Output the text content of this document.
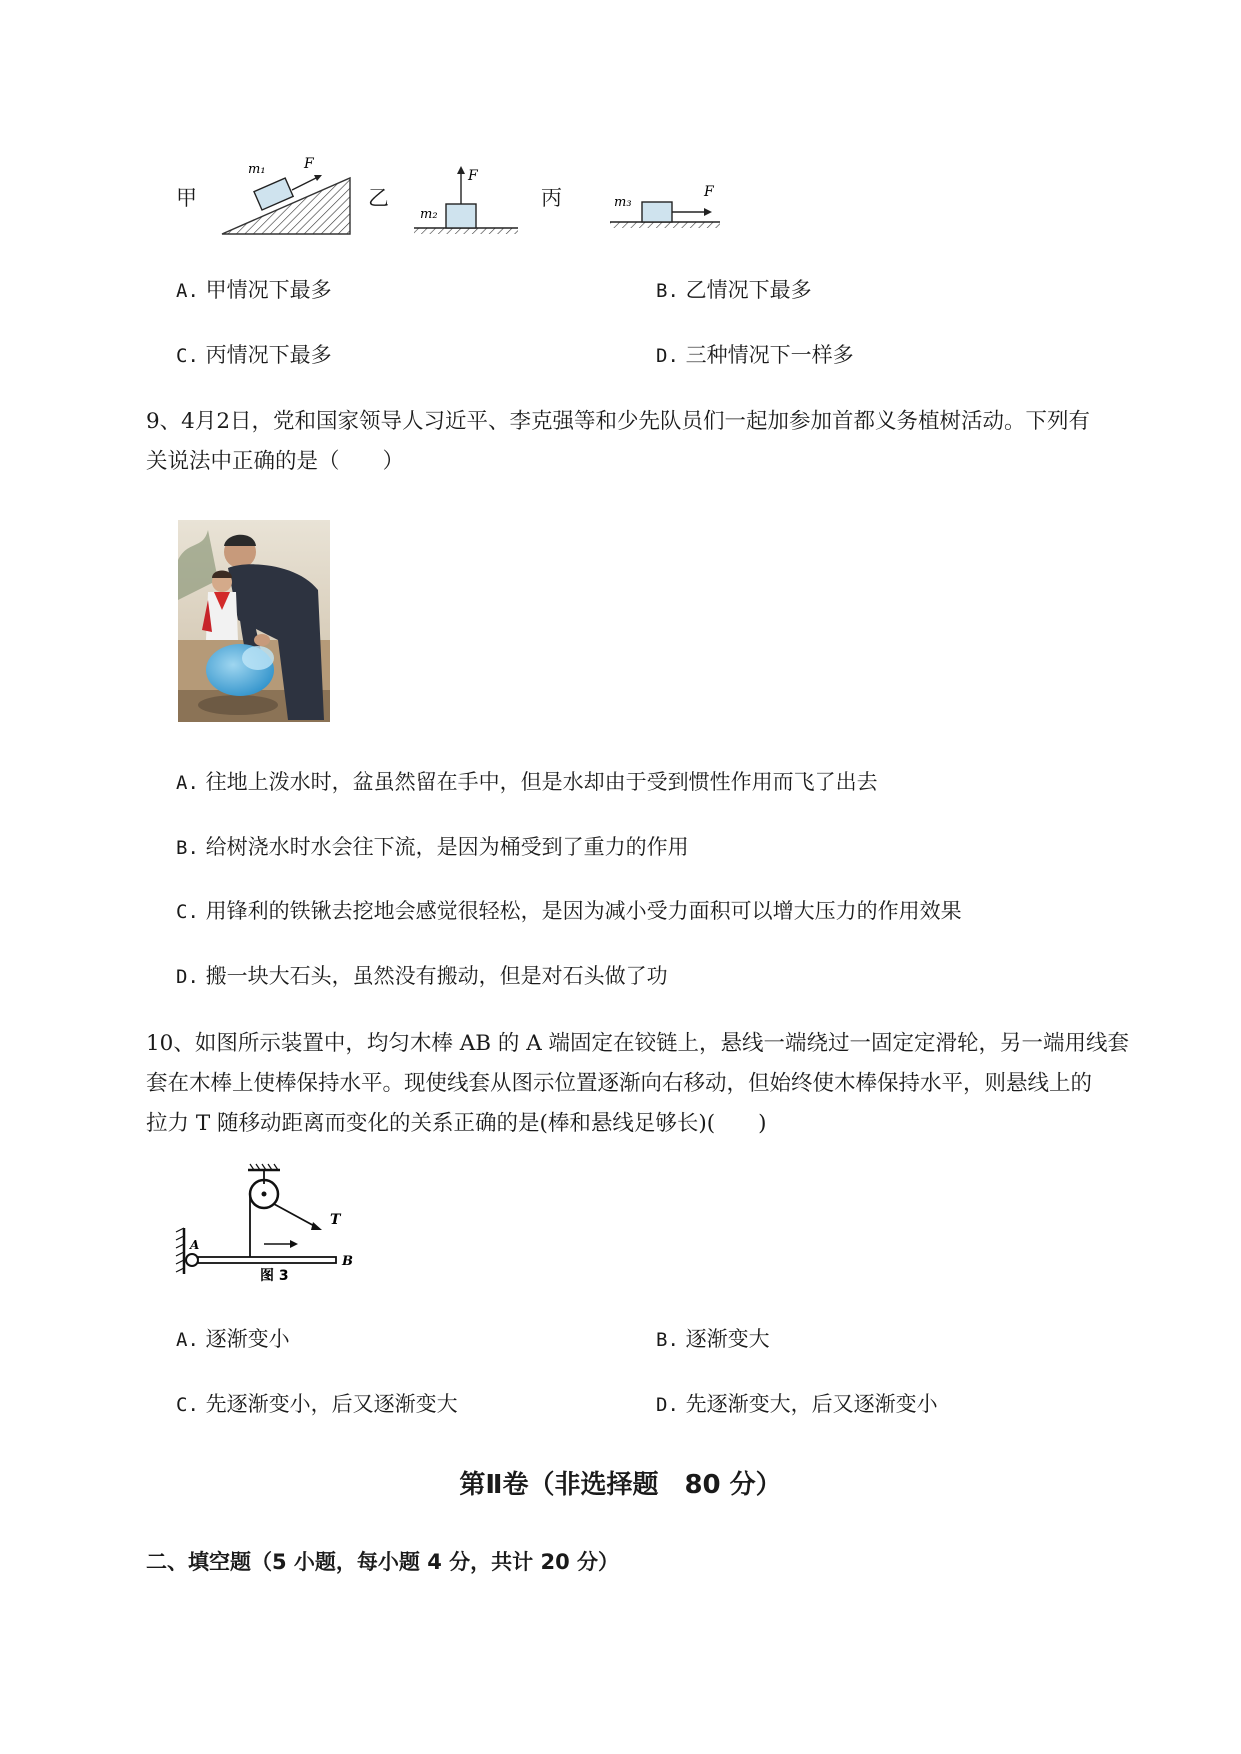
甲
m₁	F
乙
m₂
F
丙	m₃
F
A. 甲情况下最多	B. 乙情况下最多
C. 丙情况下最多	D. 三种情况下一样多
9、4月2日，党和国家领导人习近平、李克强等和少先队员们一起加参加首都义务植树活动。下列有
关说法中正确的是（　　）
A. 往地上泼水时，盆虽然留在手中，但是水却由于受到惯性作用而飞了出去
B. 给树浇水时水会往下流，是因为桶受到了重力的作用
C. 用锋利的铁锹去挖地会感觉很轻松，是因为减小受力面积可以增大压力的作用效果
D. 搬一块大石头，虽然没有搬动，但是对石头做了功
10、如图所示装置中，均匀木棒 AB 的 A 端固定在铰链上，悬线一端绕过一固定定滑轮，另一端用线套
套在木棒上使棒保持水平。现使线套从图示位置逐渐向右移动，但始终使木棒保持水平，则悬线上的
拉力 T 随移动距离而变化的关系正确的是(棒和悬线足够长)(　　)
T
A
B
图 3
A. 逐渐变小	B. 逐渐变大
C. 先逐渐变小，后又逐渐变大	D. 先逐渐变大，后又逐渐变小
第Ⅱ卷（非选择题　80 分）
二、填空题（5 小题，每小题 4 分，共计 20 分）
